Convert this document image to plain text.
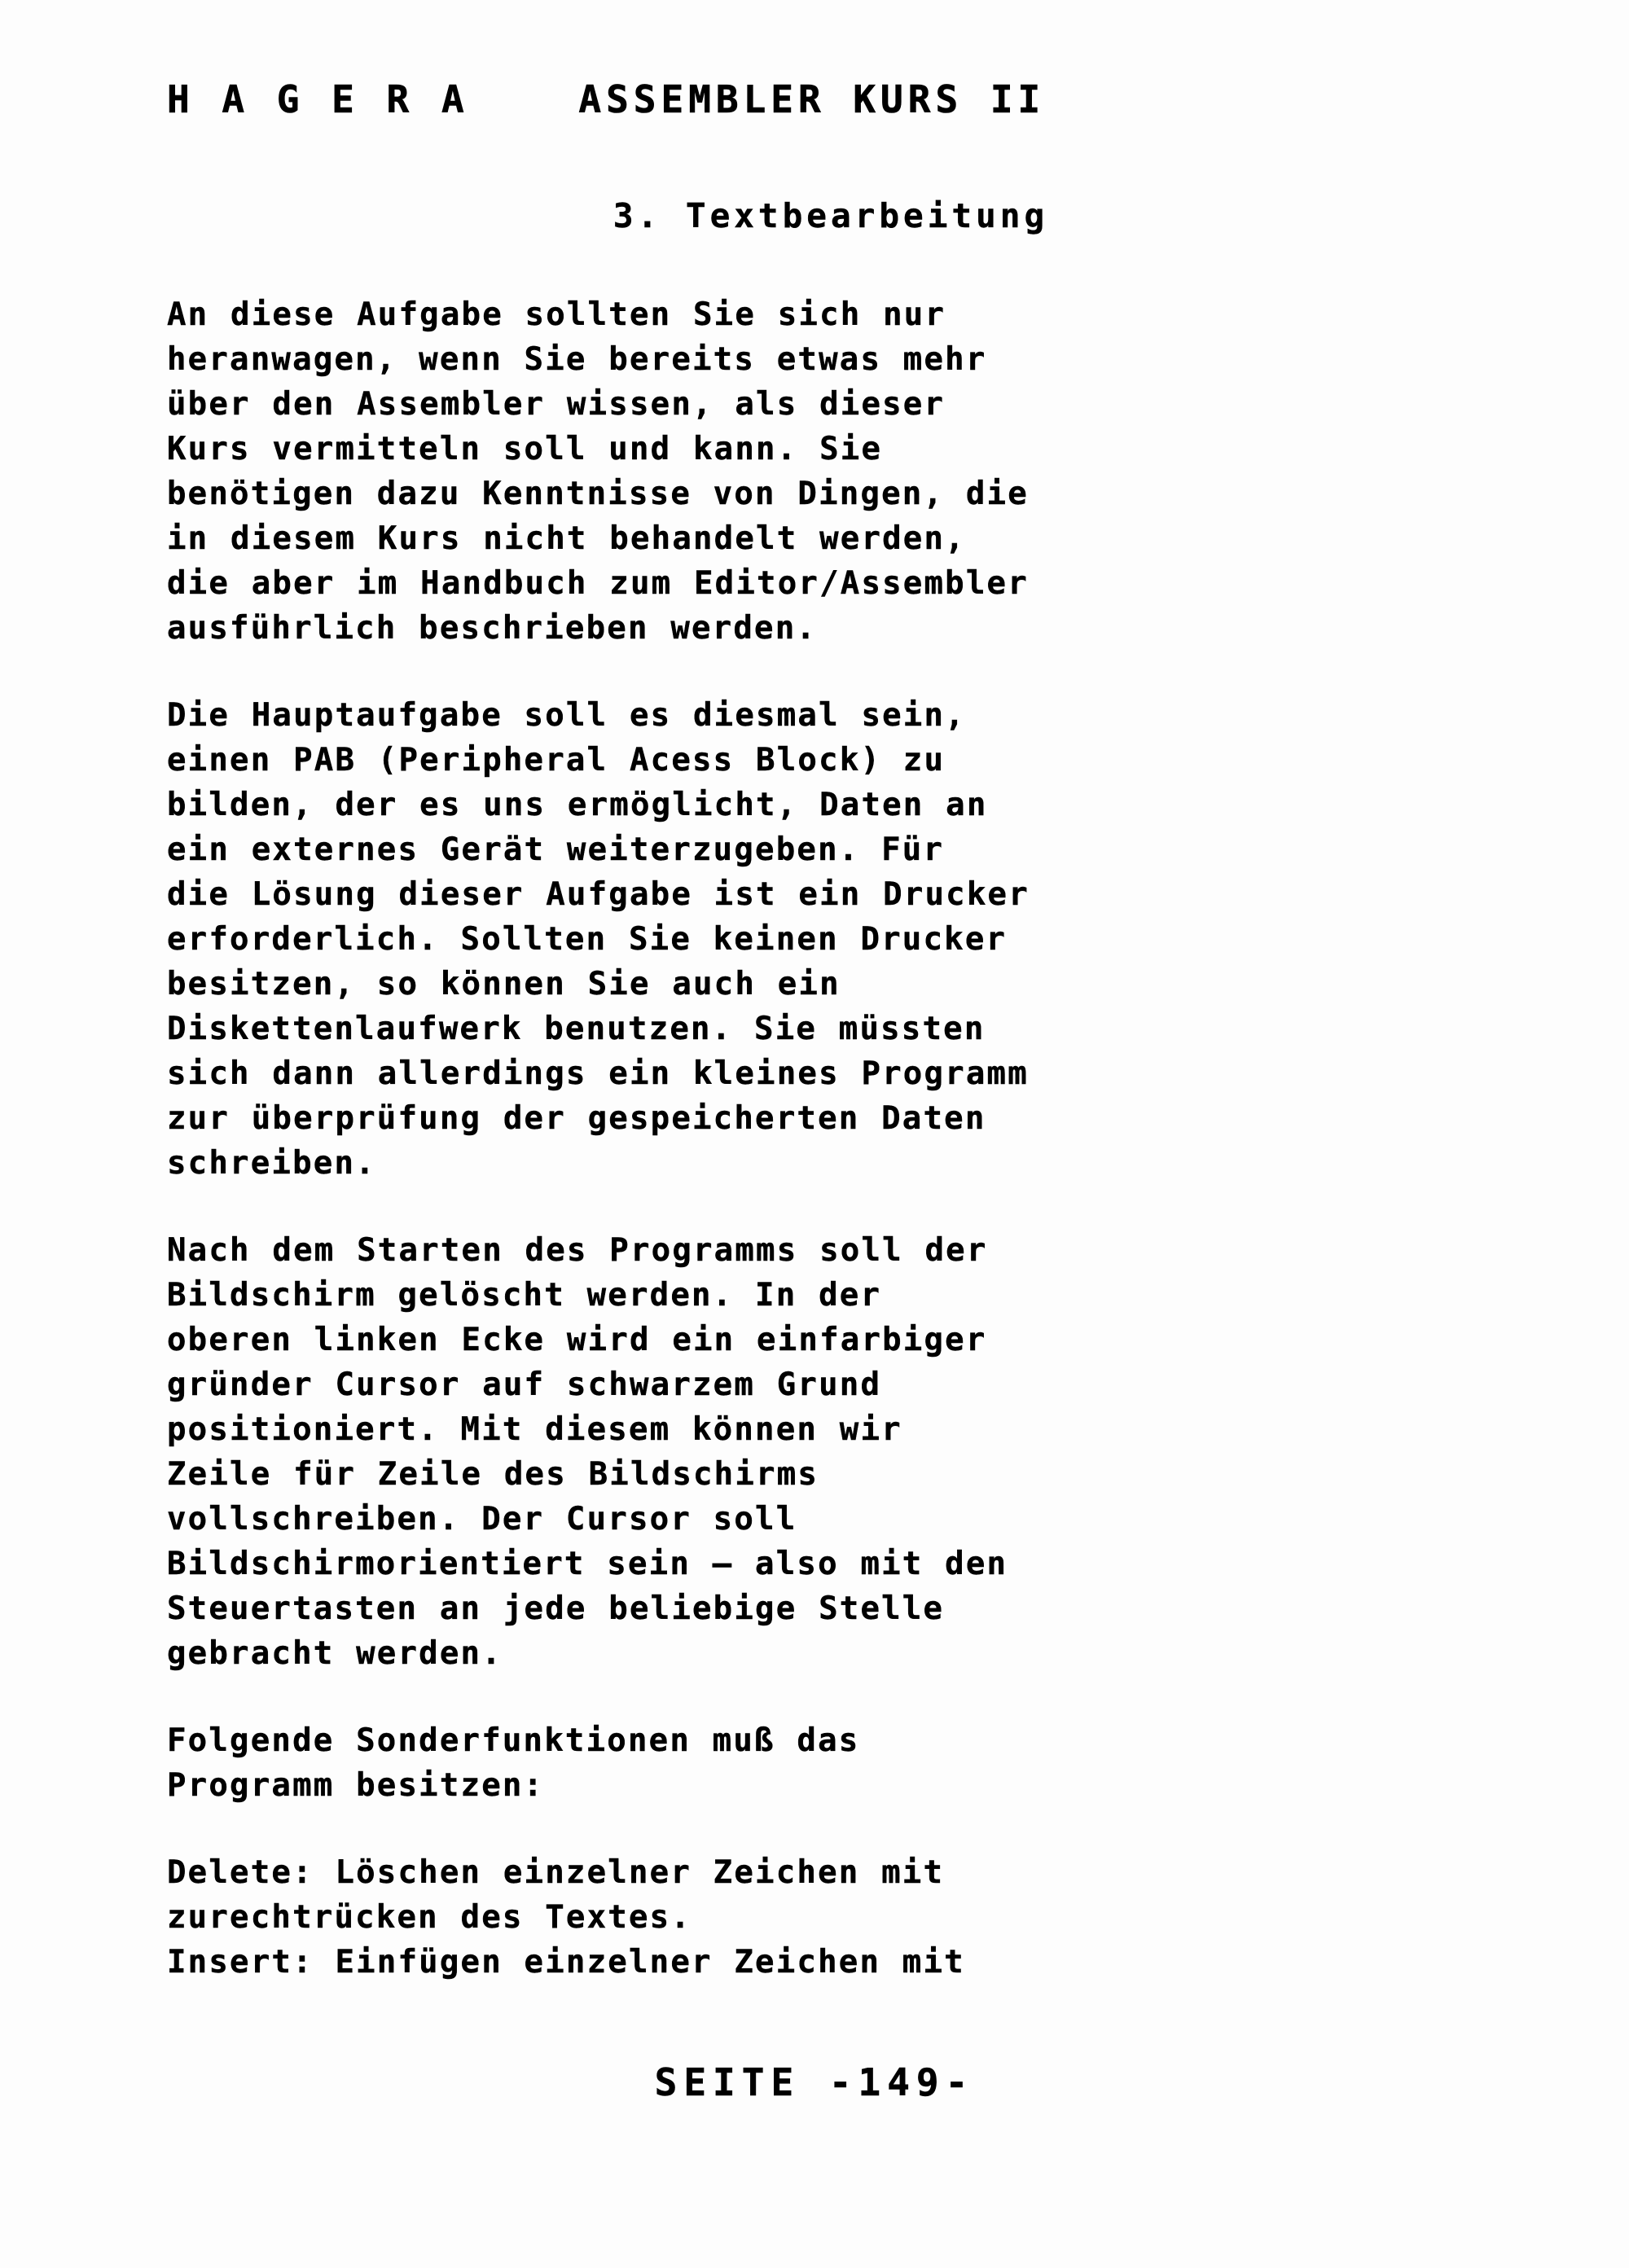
H A G E R A    ASSEMBLER KURS II
3. Textbearbeitung

An diese Aufgabe sollten Sie sich nur

heranwagen, wenn Sie bereits etwas mehr

über den Assembler wissen, als dieser

Kurs vermitteln soll und kann. Sie

benötigen dazu Kenntnisse von Dingen, die

in diesem Kurs nicht behandelt werden,

die aber im Handbuch zum Editor/Assembler

ausführlich beschrieben werden.

Die Hauptaufgabe soll es diesmal sein,

einen PAB (Peripheral Acess Block) zu

bilden, der es uns ermöglicht, Daten an

ein externes Gerät weiterzugeben. Für

die Lösung dieser Aufgabe ist ein Drucker

erforderlich. Sollten Sie keinen Drucker

besitzen, so können Sie auch ein

Diskettenlaufwerk benutzen. Sie müssten

sich dann allerdings ein kleines Programm

zur überprüfung der gespeicherten Daten

schreiben.

Nach dem Starten des Programms soll der

Bildschirm gelöscht werden. In der

oberen linken Ecke wird ein einfarbiger

gründer Cursor auf schwarzem Grund

positioniert. Mit diesem können wir

Zeile für Zeile des Bildschirms

vollschreiben. Der Cursor soll

Bildschirmorientiert sein — also mit den

Steuertasten an jede beliebige Stelle

gebracht werden.

Folgende Sonderfunktionen muß das

Programm besitzen:

Delete: Löschen einzelner Zeichen mit

zurechtrücken des Textes.

Insert: Einfügen einzelner Zeichen mit

SEITE -149-
